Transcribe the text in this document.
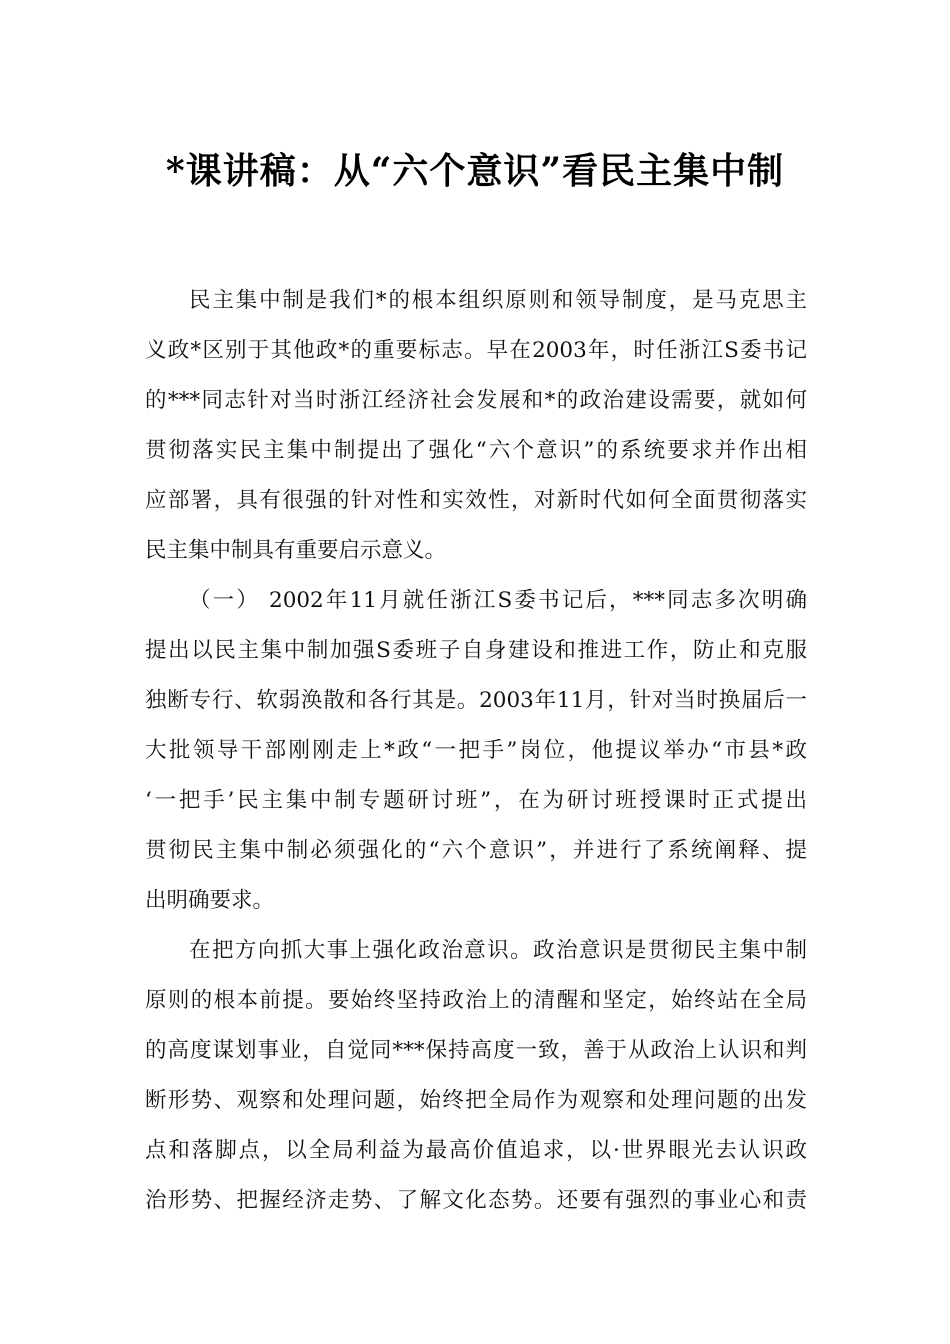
*课讲稿：从“六个意识”看民主集中制
民主集中制是我们*的根本组织原则和领导制度，是马克思主
义政*区别于其他政*的重要标志。早在2003年，时任浙江S委书记
的***同志针对当时浙江经济社会发展和*的政治建设需要，就如何
贯彻落实民主集中制提出了强化“六个意识”的系统要求并作出相
应部署，具有很强的针对性和实效性，对新时代如何全面贯彻落实
民主集中制具有重要启示意义。
（一） 2002年11月就任浙江S委书记后，***同志多次明确
提出以民主集中制加强S委班子自身建设和推进工作，防止和克服
独断专行、软弱涣散和各行其是。2003年11月，针对当时换届后一
大批领导干部刚刚走上*政“一把手”岗位，他提议举办“市县*政
‘一把手’民主集中制专题研讨班”，在为研讨班授课时正式提出
贯彻民主集中制必须强化的“六个意识”，并进行了系统阐释、提
出明确要求。
在把方向抓大事上强化政治意识。政治意识是贯彻民主集中制
原则的根本前提。要始终坚持政治上的清醒和坚定，始终站在全局
的高度谋划事业，自觉同***保持高度一致，善于从政治上认识和判
断形势、观察和处理问题，始终把全局作为观察和处理问题的出发
点和落脚点，以全局利益为最高价值追求，以·世界眼光去认识政
治形势、把握经济走势、了解文化态势。还要有强烈的事业心和责
